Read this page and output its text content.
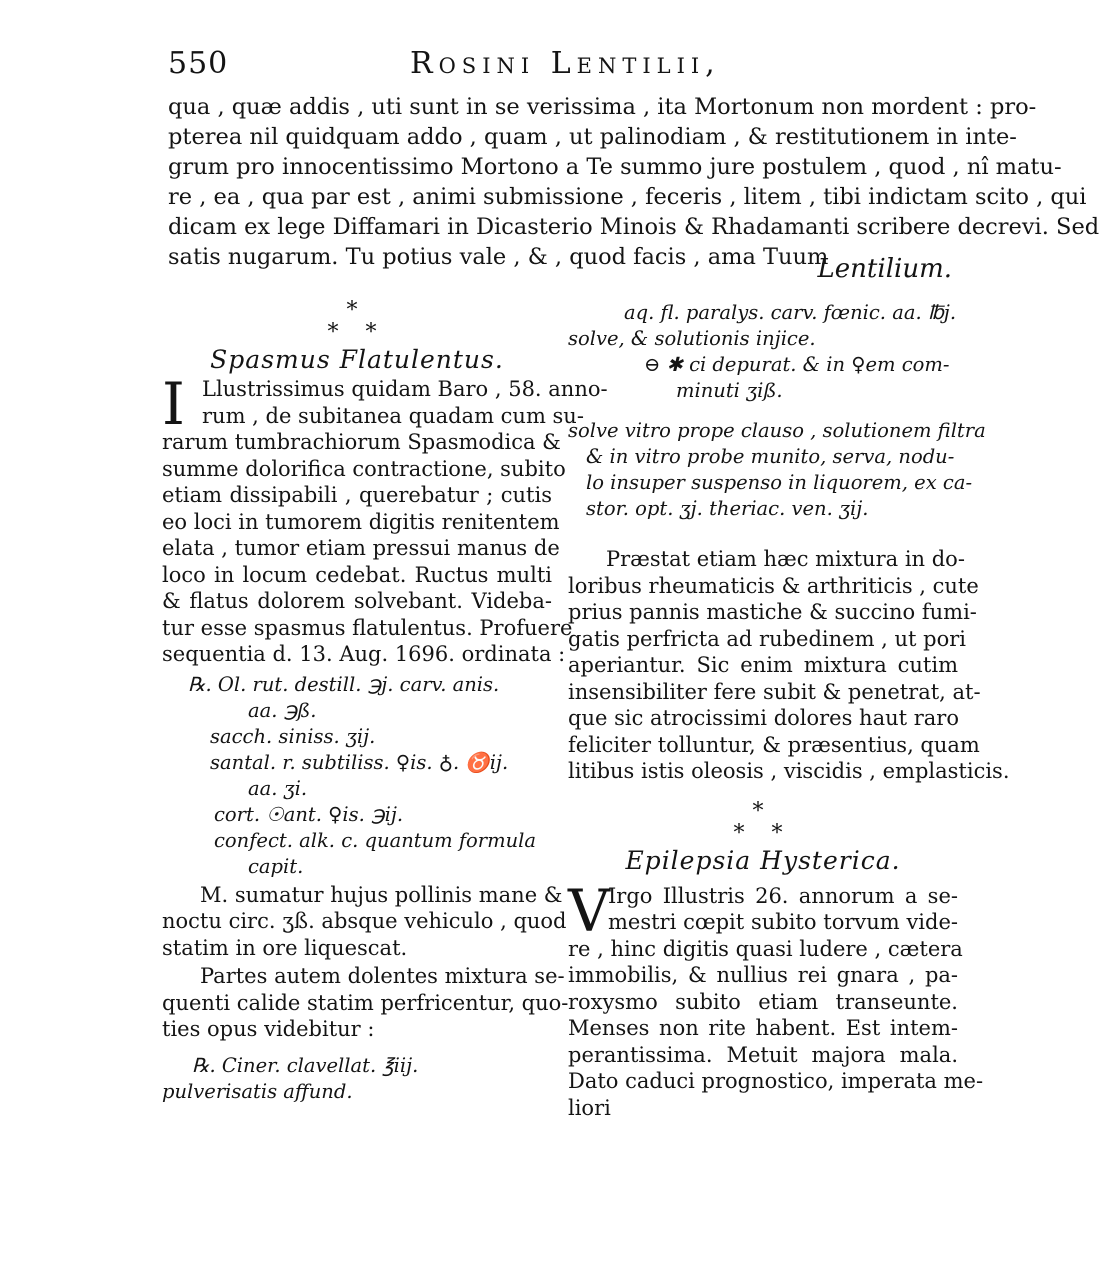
550	Rosini Lentilii,
qua , quæ addis , uti sunt in se verissima , ita Mortonum non mordent : pro-
pterea nil quidquam addo , quam , ut palinodiam , & restitutionem in inte-
grum pro innocentissimo Mortono a Te summo jure postulem , quod , nî matu-
re , ea , qua par est , animi submissione , feceris , litem , tibi indictam scito , qui
dicam ex lege Diffamari in Dicasterio Minois & Rhadamanti scribere decrevi. Sed
satis nugarum. Tu potius vale , & , quod facis , ama Tuum
Lentilium.
*
* *
Spasmus Flatulentus.
I Llustrissimus quidam Baro , 58. anno-
rum , de subitanea quadam cum su-
rarum tumbrachiorum Spasmodica &
summe dolorifica contractione, subito
etiam dissipabili , querebatur ; cutis
eo loci in tumorem digitis renitentem
elata , tumor etiam pressui manus de
loco in locum cedebat. Ructus multi
& flatus dolorem solvebant. Videba-
tur esse spasmus flatulentus. Profuere
sequentia d. 13. Aug. 1696. ordinata :
℞. Ol. rut. destill. ℈j. carv. anis.
aa. ℈ß.
sacch. siniss. ʒij.
santal. r. subtiliss. ♀is. ♁. ♉ij.
aa. ʒi.
cort. ☉ant. ♀is. ℈ij.
confect. alk. c. quantum formula
capit.
M. sumatur hujus pollinis mane &
noctu circ. ʒß. absque vehiculo , quod
statim in ore liquescat.
Partes autem dolentes mixtura se-
quenti calide statim perfricentur, quo-
ties opus videbitur :
℞. Ciner. clavellat. ℥iij.
pulverisatis affund.
aq. fl. paralys. carv. fœnic. aa. ℔j.
solve, & solutionis injice.
⊖ ✱ ci depurat. & in ♀em com-
minuti ʒiß.
solve vitro prope clauso , solutionem filtra
& in vitro probe munito, serva, nodu-
lo insuper suspenso in liquorem, ex ca-
stor. opt. ʒj. theriac. ven. ʒij.
Præstat etiam hæc mixtura in do-
loribus rheumaticis & arthriticis , cute
prius pannis mastiche & succino fumi-
gatis perfricta ad rubedinem , ut pori
aperiantur. Sic enim mixtura cutim
insensibiliter fere subit & penetrat, at-
que sic atrocissimi dolores haut raro
feliciter tolluntur, & præsentius, quam
litibus istis oleosis , viscidis , emplasticis.
*
* *
Epilepsia Hysterica.
V
Irgo Illustris 26. annorum a se-
mestri cœpit subito torvum vide-
re , hinc digitis quasi ludere , cætera
immobilis, & nullius rei gnara , pa-
roxysmo subito etiam transeunte.
Menses non rite habent. Est intem-
perantissima. Metuit majora mala.
Dato caduci prognostico, imperata me-
liori
